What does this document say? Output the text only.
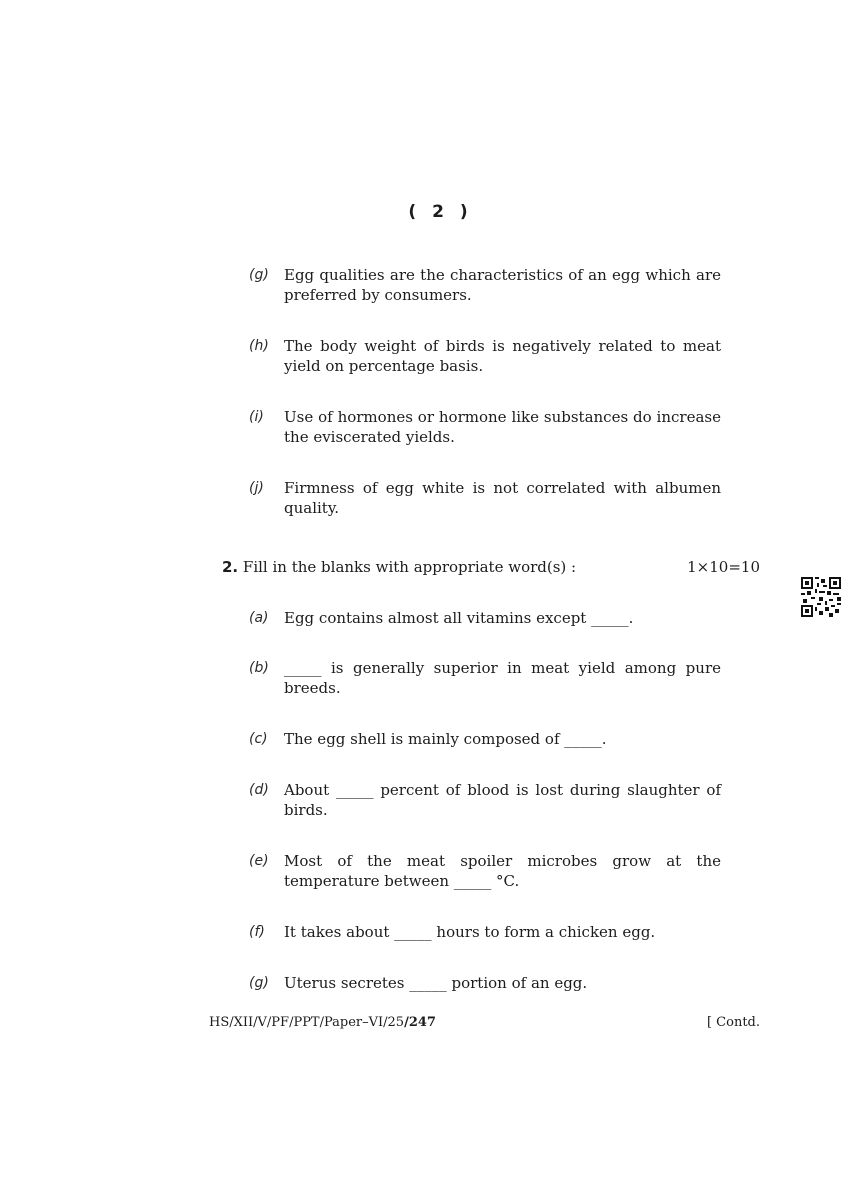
( 2 )
(g) Egg qualities are the characteristics of an egg which are preferred by consumers.
(h) The body weight of birds is negatively related to meat yield on percentage basis.
(i) Use of hormones or hormone like substances do increase the eviscerated yields.
(j) Firmness of egg white is not correlated with albumen quality.
2. Fill in the blanks with appropriate word(s) :	1×10=10
(a) Egg contains almost all vitamins except _____.
(b) _____ is generally superior in meat yield among pure breeds.
(c) The egg shell is mainly composed of _____.
(d) About _____ percent of blood is lost during slaughter of birds.
(e) Most of the meat spoiler microbes grow at the temperature between _____ °C.
(f) It takes about _____ hours to form a chicken egg.
(g) Uterus secretes _____ portion of an egg.
HS/XII/V/PF/PPT/Paper–VI/25/247	[ Contd.
